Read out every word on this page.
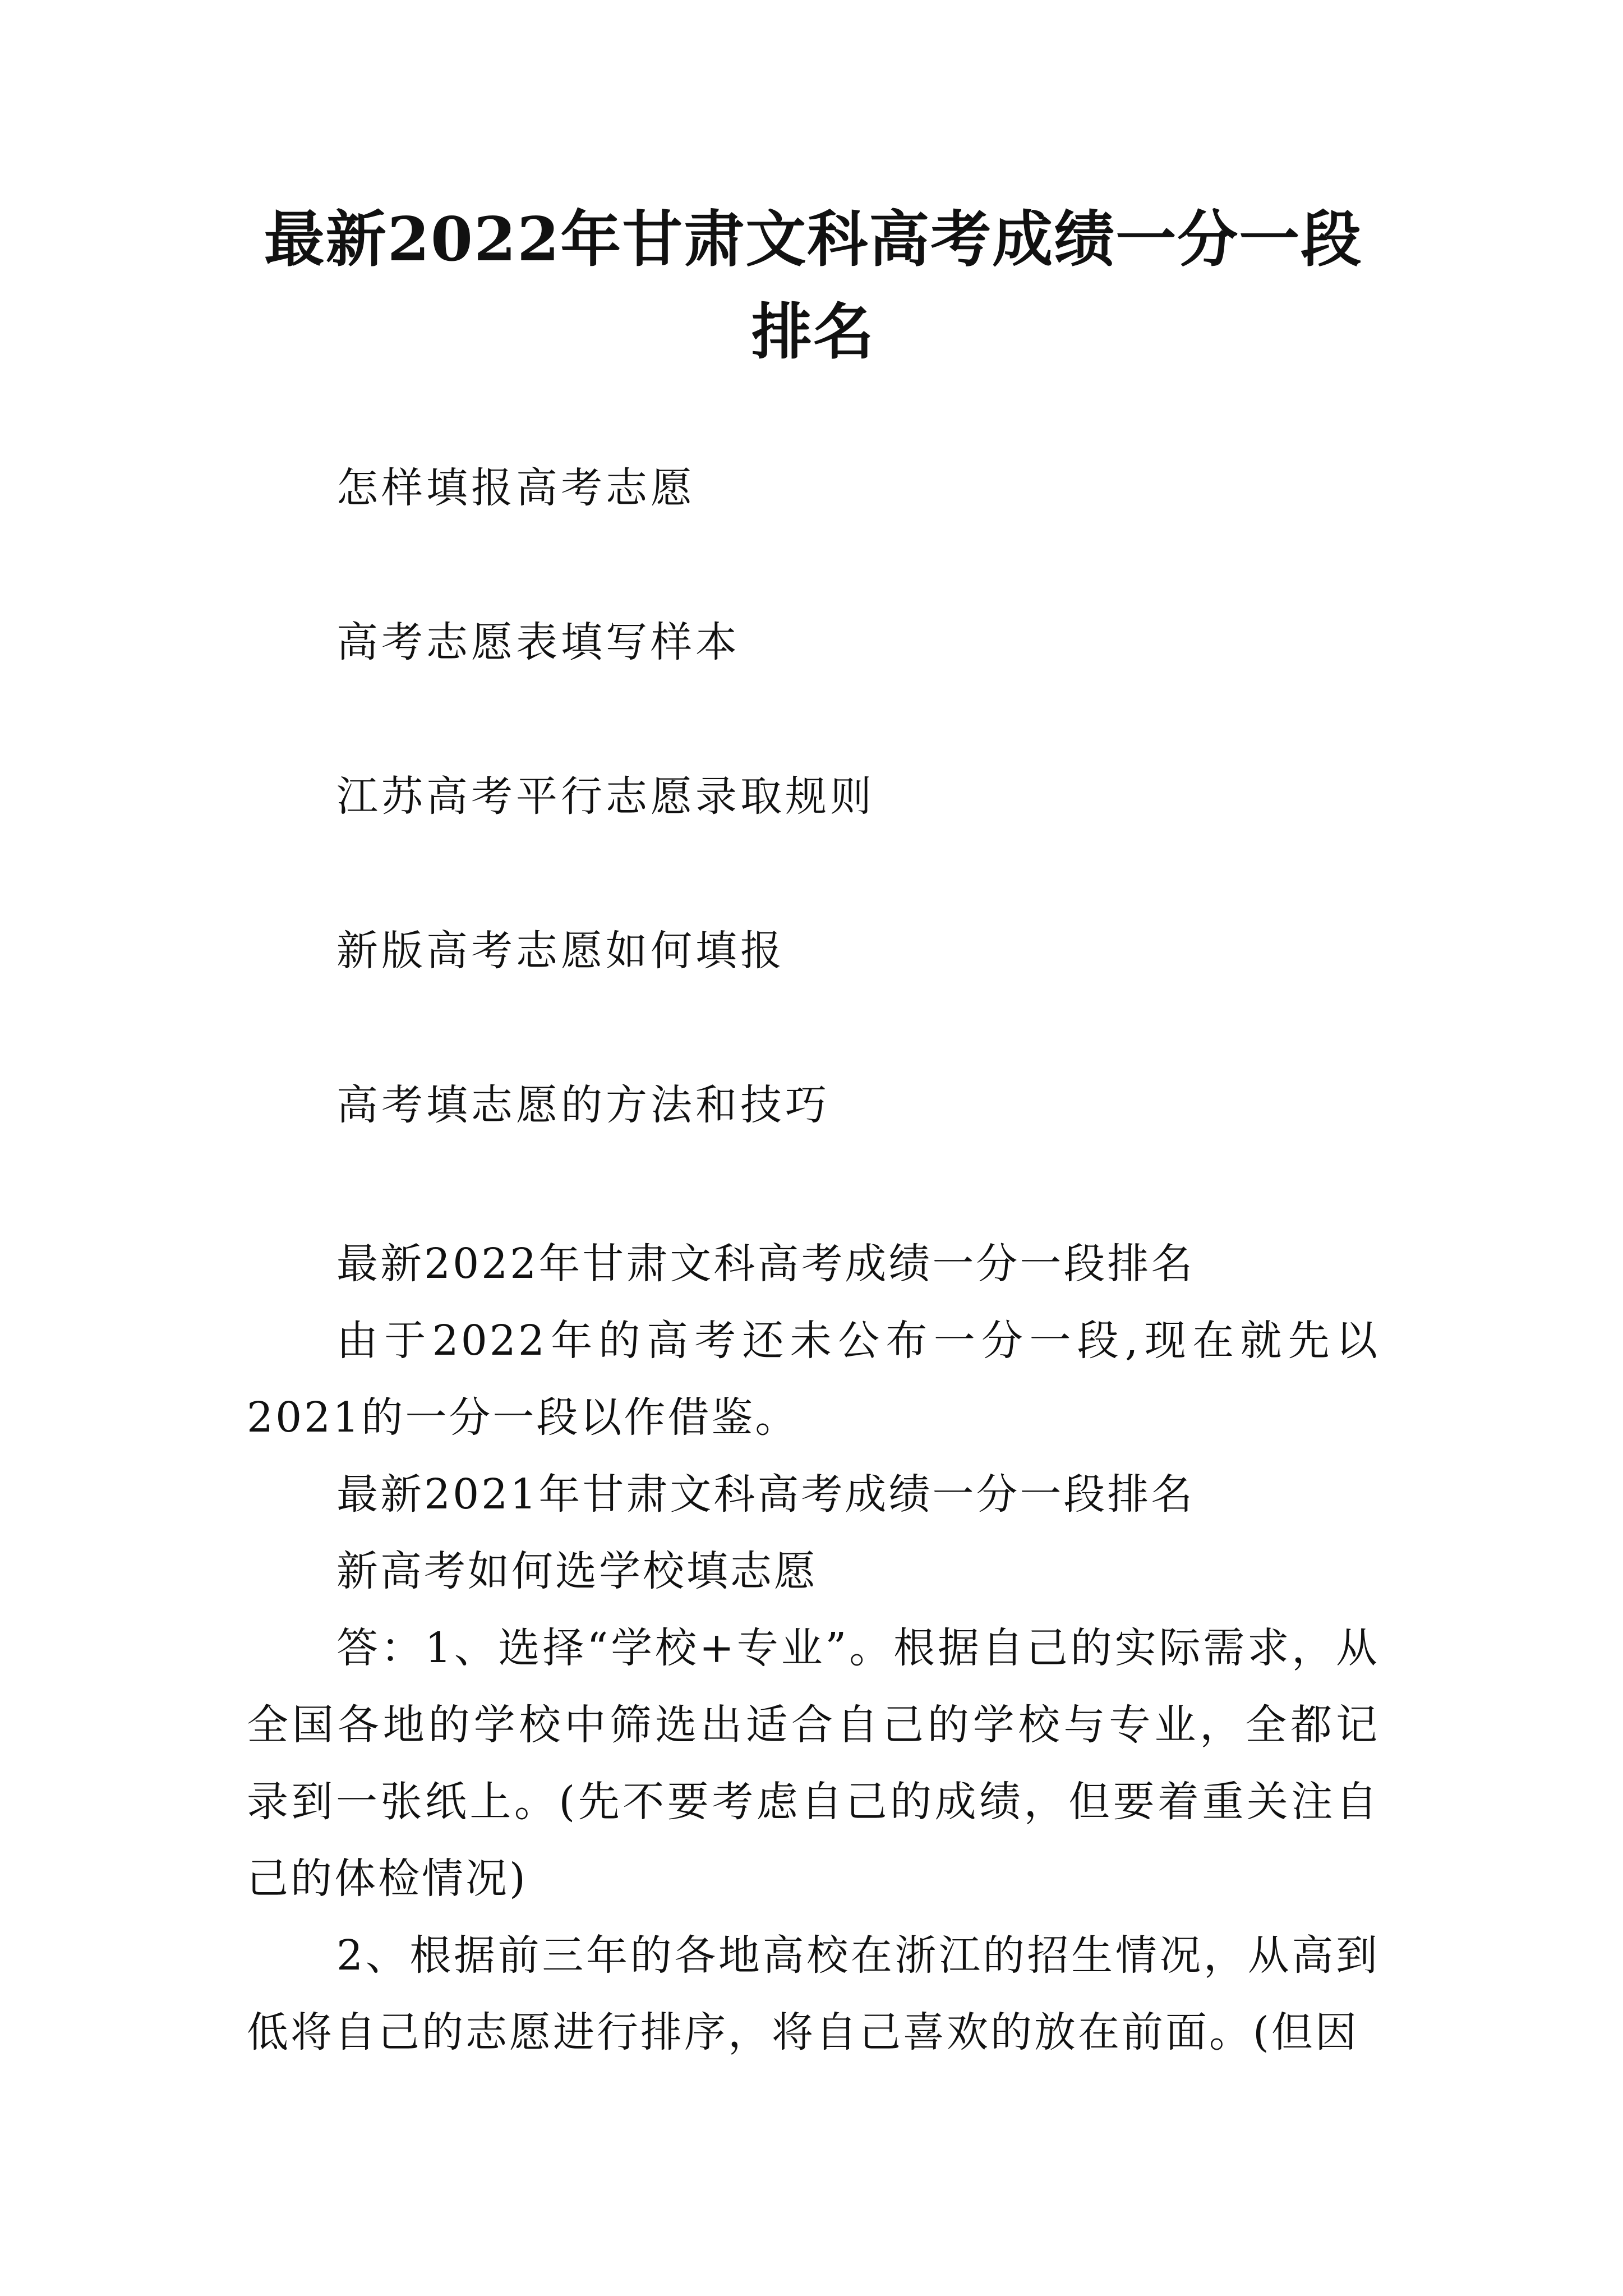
最新2022年甘肃文科高考成绩一分一段排名
怎样填报高考志愿
高考志愿表填写样本
江苏高考平行志愿录取规则
新版高考志愿如何填报
高考填志愿的方法和技巧

最新2022年甘肃文科高考成绩一分一段排名

由于2022年的高考还未公布一分一段,现在就先以2021的一分一段以作借鉴。

最新2021年甘肃文科高考成绩一分一段排名

新高考如何选学校填志愿

答：1、选择“学校+专业”。根据自己的实际需求，从全国各地的学校中筛选出适合自己的学校与专业，全都记录到一张纸上。(先不要考虑自己的成绩，但要着重关注自己的体检情况)

2、根据前三年的各地高校在浙江的招生情况，从高到低将自己的志愿进行排序，将自己喜欢的放在前面。(但因
